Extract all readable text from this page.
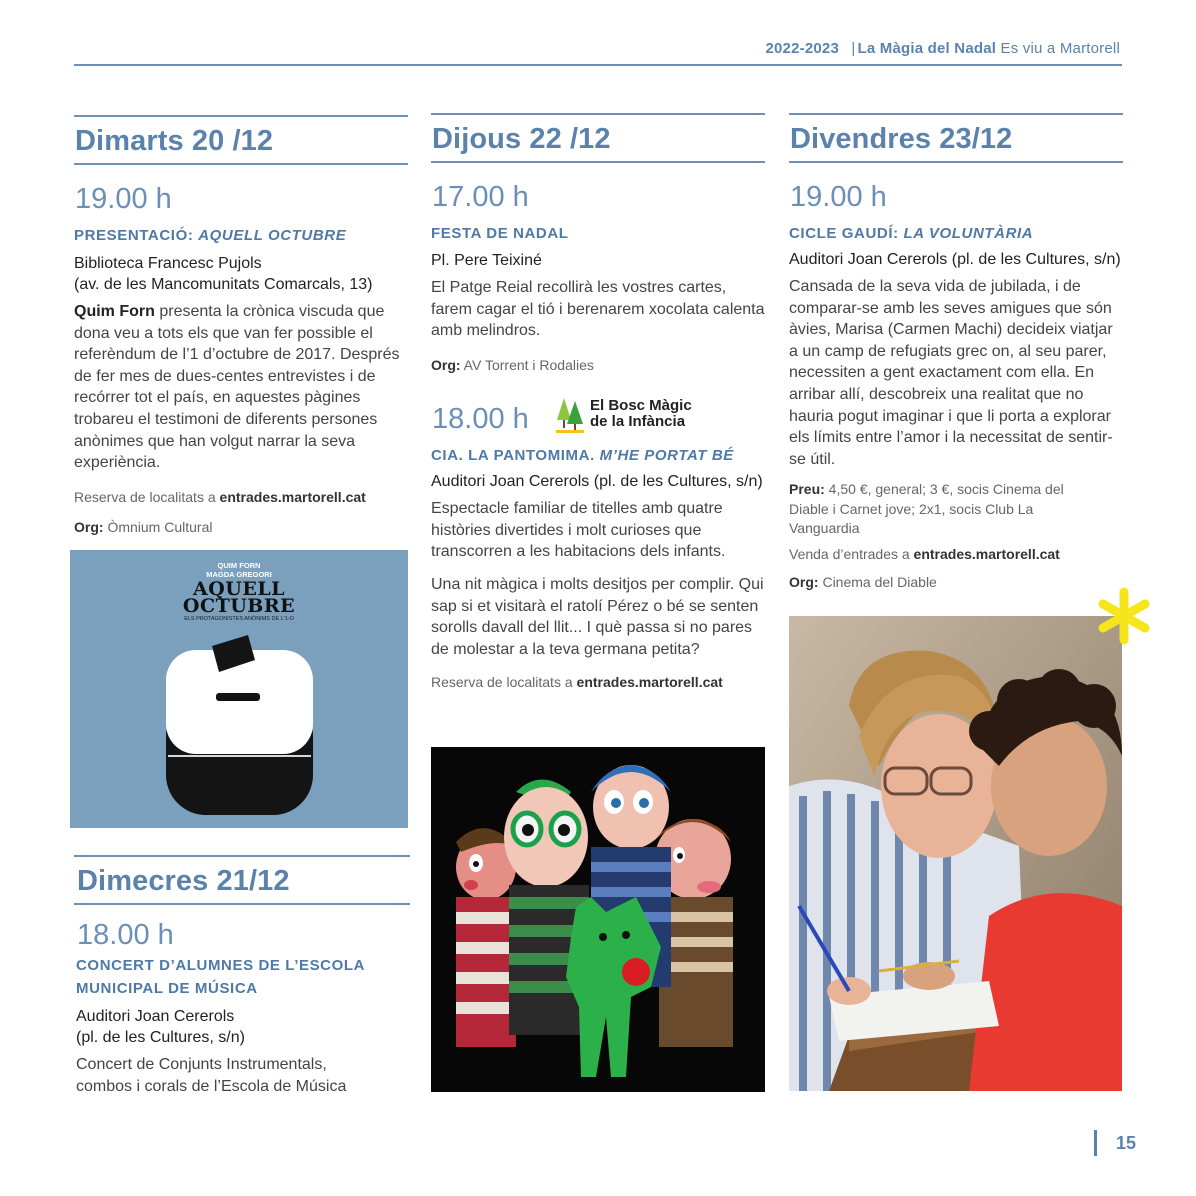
2022-2023 | La Màgia del Nadal Es viu a Martorell
Dimarts 20 /12
19.00 h
PRESENTACIÓ: AQUELL OCTUBRE
Biblioteca Francesc Pujols
(av. de les Mancomunitats Comarcals, 13)
Quim Forn presenta la crònica viscuda que dona veu a tots els que van fer possible el referèndum de l’1 d’octubre de 2017. Després de fer mes de dues-centes entrevistes i de recórrer tot el país, en aquestes pàgines trobareu el testimoni de diferents persones anònimes que han volgut narrar la seva experiència.
Reserva de localitats a entrades.martorell.cat
Org: Òmnium Cultural
QUIM FORN
MAGDA GREGORI
AQUELL
OCTUBRE
ELS PROTAGONISTES ANÒNIMS DE L’1-O
Dimecres 21/12
18.00 h
CONCERT D’ALUMNES DE L’ESCOLA
MUNICIPAL DE MÚSICA
Auditori Joan Cererols
(pl. de les Cultures, s/n)
Concert de Conjunts Instrumentals, combos i corals de l’Escola de Música
Dijous 22 /12
17.00 h
FESTA DE NADAL
Pl. Pere Teixiné
El Patge Reial recollirà les vostres cartes, farem cagar el tió i berenarem xocolata calenta amb melindros.
Org: AV Torrent i Rodalies
18.00 h
CIA. LA PANTOMIMA. M’HE PORTAT BÉ
Auditori Joan Cererols (pl. de les Cultures, s/n)
Espectacle familiar de titelles amb quatre històries divertides i molt curioses que transcorren a les habitacions dels infants.
Una nit màgica i molts desitjos per complir. Qui sap si et visitarà el ratolí Pérez o bé se senten sorolls davall del llit... I què passa si no pares de molestar a la teva germana petita?
Reserva de localitats a entrades.martorell.cat
El Bosc Màgic
de la Infància
Divendres 23/12
19.00 h
CICLE GAUDÍ: LA VOLUNTÀRIA
Auditori Joan Cererols (pl. de les Cultures, s/n)
Cansada de la seva vida de jubilada, i de comparar-se amb les seves amigues que són àvies, Marisa (Carmen Machi) decideix viatjar a un camp de refugiats grec on, al seu parer, necessiten a gent exactament com ella. En arribar allí, descobreix una realitat que no hauria pogut imaginar i que li porta a explorar els límits entre l’amor i la necessitat de sentir-se útil.
Preu: 4,50 €, general; 3 €, socis Cinema del Diable i Carnet jove; 2x1, socis Club La Vanguardia
Venda d’entrades a entrades.martorell.cat
Org: Cinema del Diable
15
